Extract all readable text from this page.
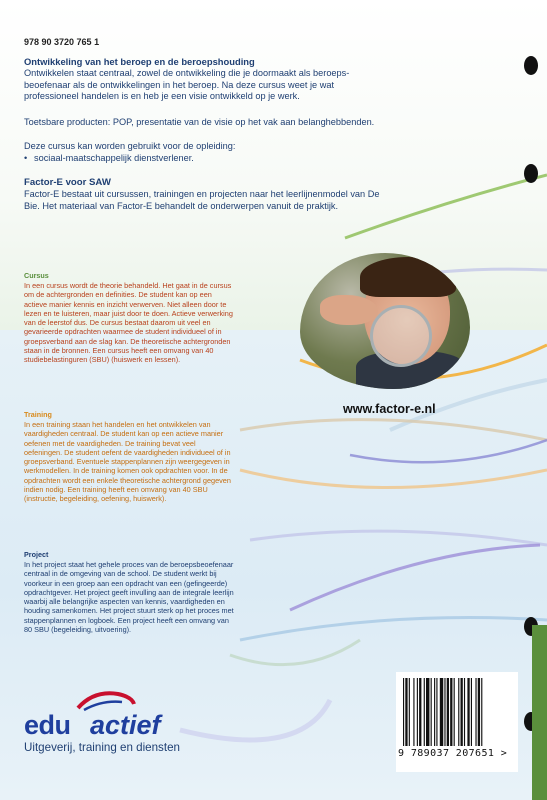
978 90 3720 765 1
Ontwikkeling van het beroep en de beroepshouding
Ontwikkelen staat centraal, zowel de ontwikkeling die je doormaakt als beroeps-beoefenaar als de ontwikkelingen in het beroep. Na deze cursus weet je wat professioneel handelen is en heb je een visie ontwikkeld op je werk.
Toetsbare producten: POP, presentatie van de visie op het vak aan belanghebbenden.
Deze cursus kan worden gebruikt voor de opleiding:
• sociaal-maatschappelijk dienstverlener.
Factor-E voor SAW
Factor-E bestaat uit cursussen, trainingen en projecten naar het leerlijnenmodel van De Bie. Het materiaal van Factor-E behandelt de onderwerpen vanuit de praktijk.
Cursus
In een cursus wordt de theorie behandeld. Het gaat in de cursus om de achtergronden en definities. De student kan op een actieve manier kennis en inzicht verwerven. Niet alleen door te lezen en te luisteren, maar juist door te doen. Actieve verwerking van de leerstof dus. De cursus bestaat daarom uit veel en gevarieerde opdrachten waarmee de student individueel of in groepsverband aan de slag kan. De theoretische achtergronden staan in de bronnen. Een cursus heeft een omvang van 40 studiebelastinguren (SBU) (huiswerk en lessen).
Training
In een training staan het handelen en het ontwikkelen van vaardigheden centraal. De student kan op een actieve manier oefenen met de vaardigheden. De training bevat veel oefeningen. De student oefent de vaardigheden individueel of in groepsverband. Eventuele stappenplannen zijn weergegeven in werkmodellen. In de training komen ook opdrachten voor. In de opdrachten wordt een enkele theoretische achtergrond gegeven indien nodig. Een training heeft een omvang van 40 SBU (instructie, begeleiding, oefening, huiswerk).
Project
In het project staat het gehele proces van de beroepsbeoefenaar centraal in de omgeving van de school. De student werkt bij voorkeur in een groep aan een opdracht van een (gefingeerde) opdrachtgever. Het project geeft invulling aan de integrale leerlijn waarbij alle belangrijke aspecten van kennis, vaardigheden en houding samenkomen. Het project stuurt sterk op het proces met stappenplannen en logboek. Een project heeft een omvang van 80 SBU (begeleiding, uitvoering).
www.factor-e.nl
edu actief
Uitgeverij, training en diensten	9 789037 207651 >
